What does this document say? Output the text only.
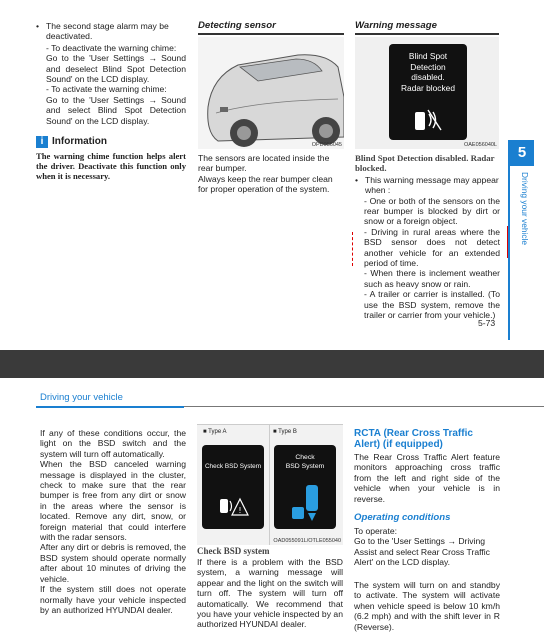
• The second stage alarm may be deactivated.
- To deactivate the warning chime:
Go to the 'User Settings → Sound and deselect Blind Spot Detection Sound' on the LCD display.
- To activate the warning chime:
Go to the 'User Settings → Sound and select Blind Spot Detection Sound' on the LCD display.
i Information
The warning chime function helps alert the driver. Deactivate this function only when it is necessary.
Detecting sensor
OPD056045
The sensors are located inside the rear bumper.
Always keep the rear bumper clean for proper operation of the system.
Warning message
Blind Spot
Detection
disabled.
Radar blocked
OAE056040L
Blind Spot Detection disabled. Radar blocked.
• This warning message may appear when :
- One or both of the sensors on the rear bumper is blocked by dirt or snow or a foreign object.
- Driving in rural areas where the BSD sensor does not detect another vehicle for an extended period of time.
- When there is inclement weather such as heavy snow or rain.
- A trailer or carrier is installed. (To use the BSD system, remove the trailer or carrier from your vehicle.)
5-73
5
Driving your vehicle
Driving your vehicle
If any of these conditions occur, the light on the BSD switch and the system will turn off automatically.
When the BSD canceled warning message is displayed in the cluster, check to make sure that the rear bumper is free from any dirt or snow in the areas where the sensor is located. Remove any dirt, snow, or foreign material that could interfere with the radar sensors.
After any dirt or debris is removed, the BSD system should operate normally after about 10 minutes of driving the vehicle.
If the system still does not operate normally have your vehicle inspected by an authorized HYUNDAI dealer.
■ Type A	■ Type B
Check BSD System
!
Check
BSD System
OAD055091L/OTLE055040
Check BSD system
If there is a problem with the BSD system, a warning message will appear and the light on the switch will turn off. The system will turn off automatically. We recommend that you have your vehicle inspected by an authorized HYUNDAI dealer.
RCTA (Rear Cross Traffic Alert) (if equipped)
The Rear Cross Traffic Alert feature monitors approaching cross traffic from the left and right side of the vehicle when your vehicle is in reverse.
Operating conditions
To operate:
Go to the 'User Settings → Driving Assist and select Rear Cross Traffic Alert' on the LCD display.
The system will turn on and standby to activate. The system will activate when vehicle speed is below 10 km/h (6.2 mph) and with the shift lever in R (Reverse).
